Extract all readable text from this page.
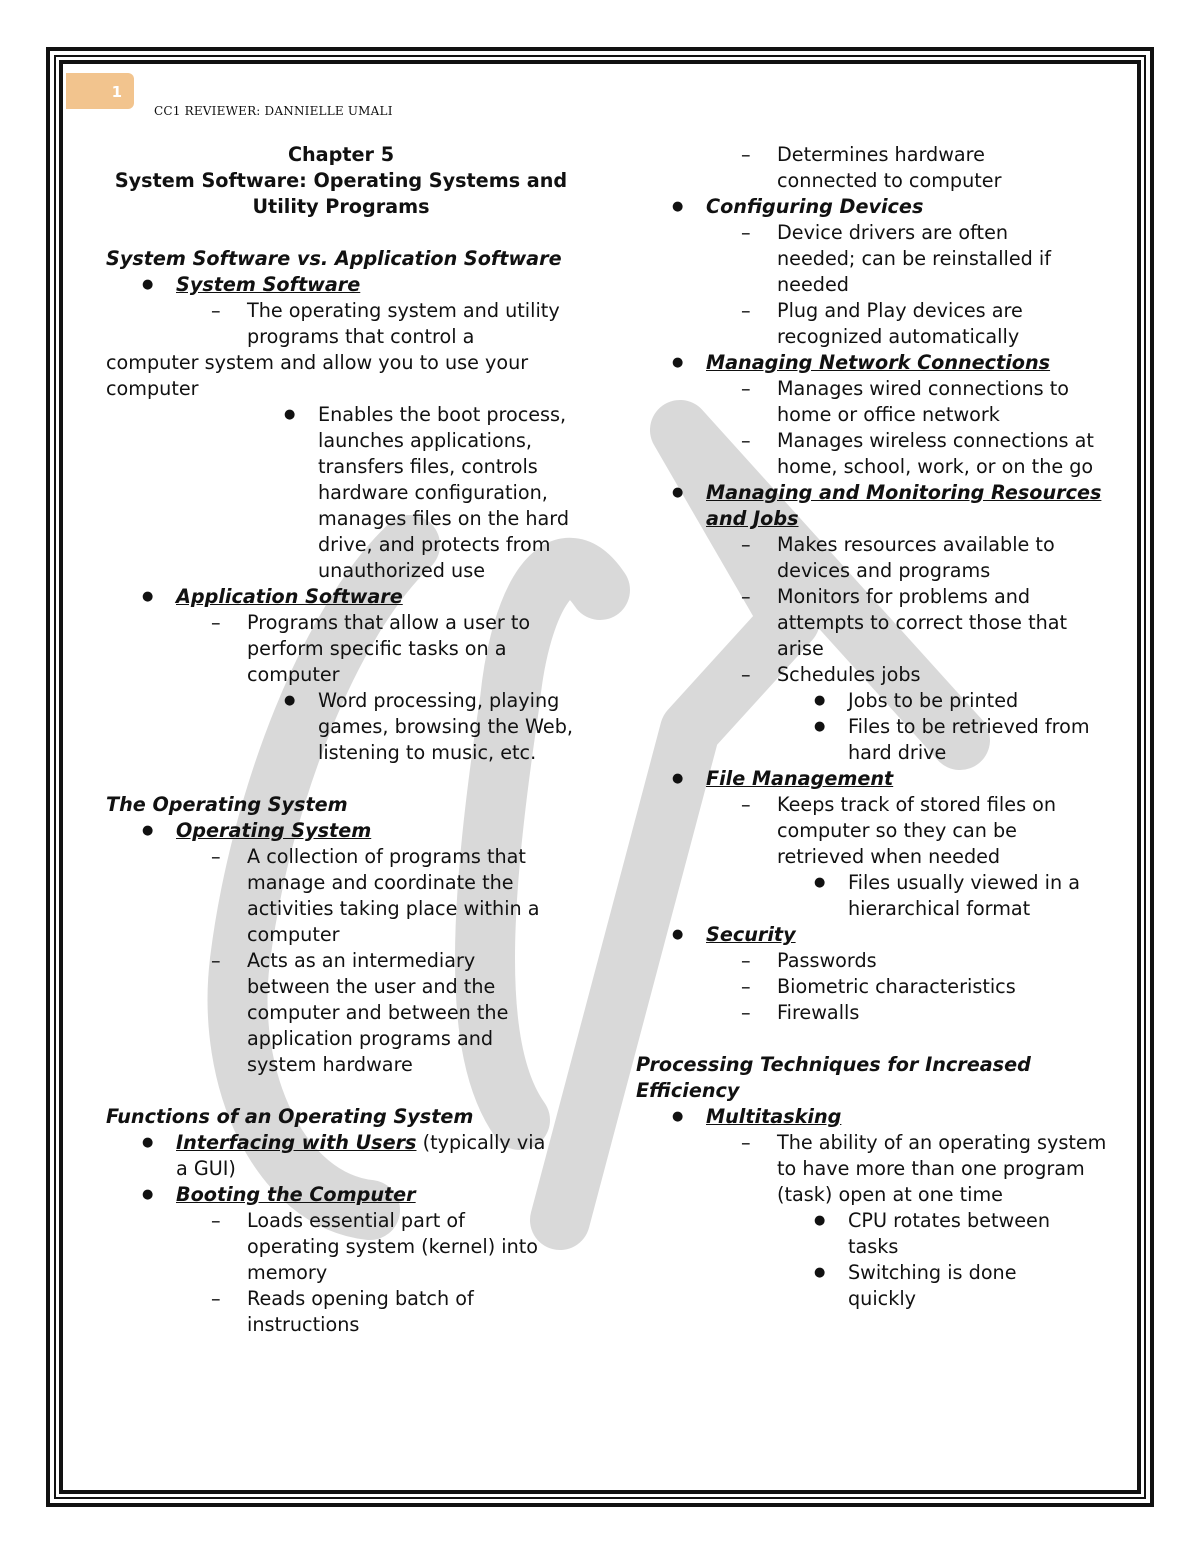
1
CC1 REVIEWER: DANNIELLE UMALI
Chapter 5
System Software: Operating Systems and
Utility Programs
System Software vs. Application Software
● System Software
– The operating system and utility
programs that control a
computer system and allow you to use your
computer
● Enables the boot process, launches applications, transfers files, controls hardware configuration, manages files on the hard drive, and protects from unauthorized use
● Application Software
– Programs that allow a user to perform specific tasks on a computer
● Word processing, playing games, browsing the Web, listening to music, etc.
The Operating System
● Operating System
– A collection of programs that manage and coordinate the activities taking place within a computer
– Acts as an intermediary between the user and the computer and between the application programs and system hardware
Functions of an Operating System
● Interfacing with Users (typically via a GUI)
● Booting the Computer
– Loads essential part of operating system (kernel) into memory
– Reads opening batch of instructions
– Determines hardware connected to computer
● Configuring Devices
– Device drivers are often needed; can be reinstalled if needed
– Plug and Play devices are recognized automatically
● Managing Network Connections
– Manages wired connections to home or office network
– Manages wireless connections at home, school, work, or on the go
● Managing and Monitoring Resources and Jobs
– Makes resources available to devices and programs
– Monitors for problems and attempts to correct those that arise
– Schedules jobs
● Jobs to be printed
● Files to be retrieved from hard drive
● File Management
– Keeps track of stored files on computer so they can be retrieved when needed
● Files usually viewed in a hierarchical format
● Security
– Passwords
– Biometric characteristics
– Firewalls
Processing Techniques for Increased Efficiency
● Multitasking
– The ability of an operating system to have more than one program (task) open at one time
● CPU rotates between tasks
● Switching is done quickly
